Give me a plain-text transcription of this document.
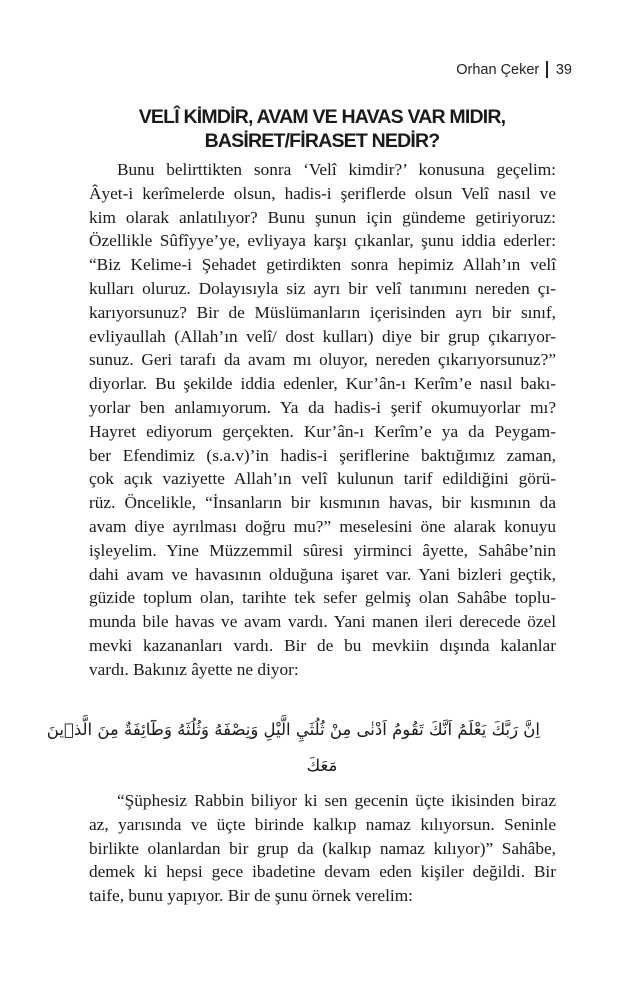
Orhan Çeker 39
VELÎ KİMDİR, AVAM VE HAVAS VAR MIDIR,
BASİRET/FİRASET NEDİR?
Bunu belirttikten sonra ‘Velî kimdir?’ konusuna geçelim:
Âyet-i kerîmelerde olsun, hadis-i şeriflerde olsun Velî nasıl ve
kim olarak anlatılıyor? Bunu şunun için gündeme getiriyoruz:
Özellikle Sûfîyye’ye, evliyaya karşı çıkanlar, şunu iddia ederler:
“Biz Kelime-i Şehadet getirdikten sonra hepimiz Allah’ın velî
kulları oluruz. Dolayısıyla siz ayrı bir velî tanımını nereden çı-
karıyorsunuz? Bir de Müslümanların içerisinden ayrı bir sınıf,
evliyaullah (Allah’ın velî/ dost kulları) diye bir grup çıkarıyor-
sunuz. Geri tarafı da avam mı oluyor, nereden çıkarıyorsunuz?”
diyorlar. Bu şekilde iddia edenler, Kur’ân-ı Kerîm’e nasıl bakı-
yorlar ben anlamıyorum. Ya da hadis-i şerif okumuyorlar mı?
Hayret ediyorum gerçekten. Kur’ân-ı Kerîm’e ya da Peygam-
ber Efendimiz (s.a.v)’in hadis-i şeriflerine baktığımız zaman,
çok açık vaziyette Allah’ın velî kulunun tarif edildiğini görü-
rüz. Öncelikle, “İnsanların bir kısmının havas, bir kısmının da
avam diye ayrılması doğru mu?” meselesini öne alarak konuyu
işleyelim. Yine Müzzemmil sûresi yirminci âyette, Sahâbe’nin
dahi avam ve havasının olduğuna işaret var. Yani bizleri geçtik,
güzide toplum olan, tarihte tek sefer gelmiş olan Sahâbe toplu-
munda bile havas ve avam vardı. Yani manen ileri derecede özel
mevki kazananları vardı. Bir de bu mevkiin dışında kalanlar
vardı. Bakınız âyette ne diyor:
اِنَّ رَبَّكَ يَعْلَمُ اَنَّكَ تَقُومُ اَدْنٰى مِنْ ثُلُثَيِ الَّيْلِ وَنِصْفَهُ وَثُلُثَهُ وَطَٓائِفَةٌ مِنَ الَّذ۪ينَ
مَعَكَ
“Şüphesiz Rabbin biliyor ki sen gecenin üçte ikisinden biraz
az, yarısında ve üçte birinde kalkıp namaz kılıyorsun. Seninle
birlikte olanlardan bir grup da (kalkıp namaz kılıyor)” Sahâbe,
demek ki hepsi gece ibadetine devam eden kişiler değildi. Bir
taife, bunu yapıyor. Bir de şunu örnek verelim:
